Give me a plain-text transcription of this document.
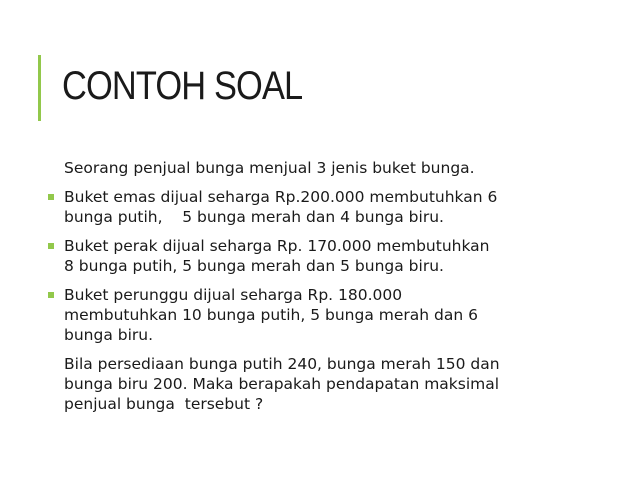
CONTOH SOAL

Seorang penjual bunga menjual 3 jenis buket bunga.

Buket emas dijual seharga Rp.200.000 membutuhkan 6
bunga putih,    5 bunga merah dan 4 bunga biru.
Buket perak dijual seharga Rp. 170.000 membutuhkan
8 bunga putih, 5 bunga merah dan 5 bunga biru.
Buket perunggu dijual seharga Rp. 180.000
membutuhkan 10 bunga putih, 5 bunga merah dan 6
bunga biru.
Bila persediaan bunga putih 240, bunga merah 150 dan
bunga biru 200. Maka berapakah pendapatan maksimal
penjual bunga  tersebut ?
